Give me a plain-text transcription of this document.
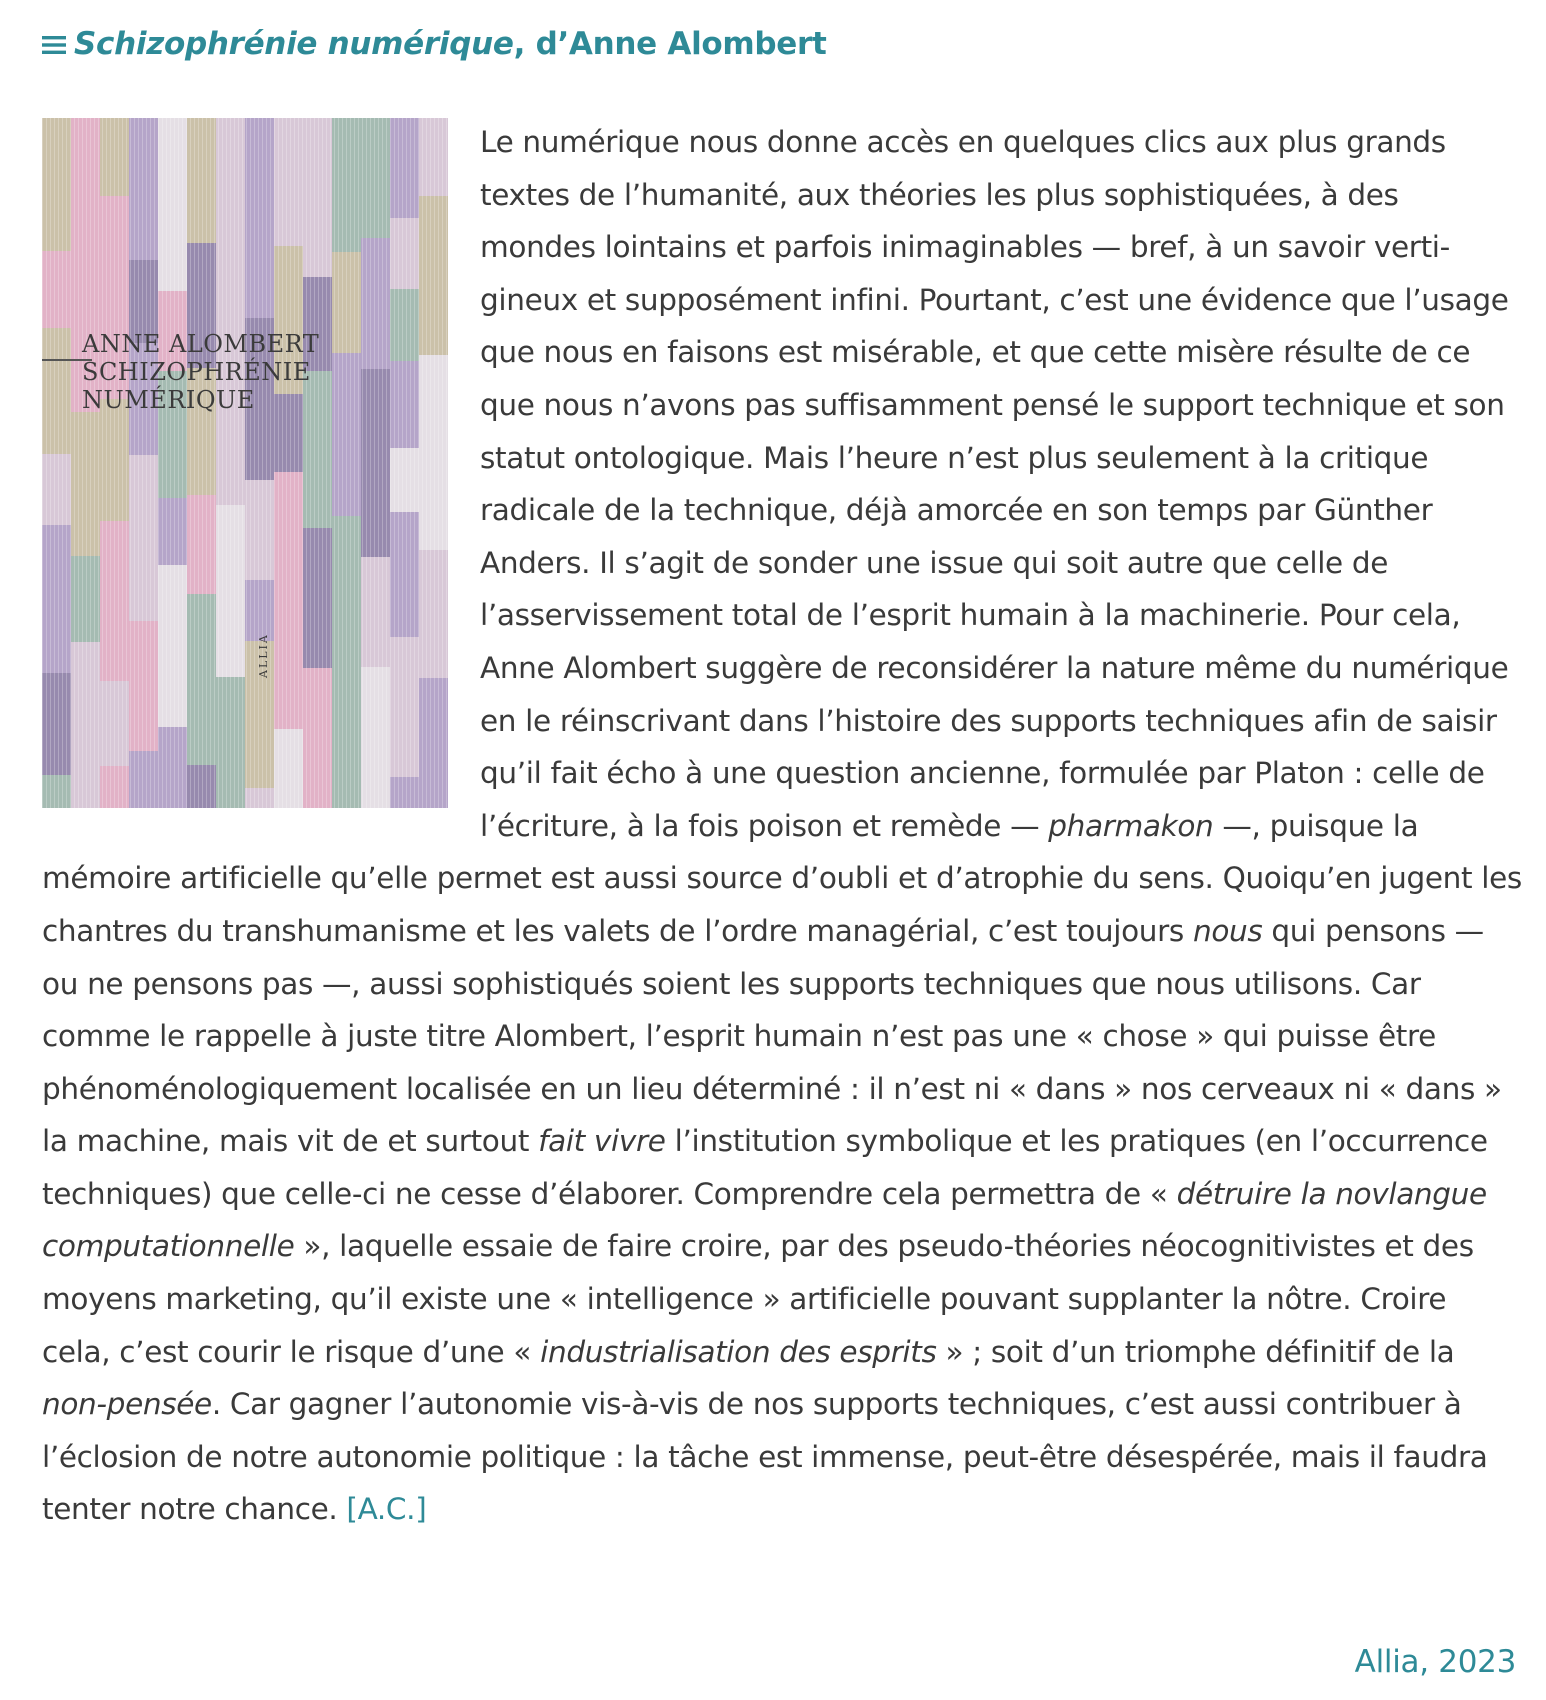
Schizophrénie numérique, d’Anne Alombert
ANNE ALOMBERT
SCHIZOPHRÉNIE
NUMÉRIQUE
ALLIA
Le numérique nous donne accès en quelques clics aux plus grands textes de l’humanité, aux théories les plus sophistiquées, à des mondes lointains et parfois inimaginables — bref, à un savoir vertigineux et supposément infini. Pourtant, c’est une évidence que l’usage que nous en faisons est misérable, et que cette misère résulte de ce que nous n’avons pas suffisamment pensé le support technique et son statut ontologique. Mais l’heure n’est plus seulement à la critique radicale de la technique, déjà amorcée en son temps par Günther Anders. Il s’agit de sonder une issue qui soit autre que celle de l’asservissement total de l’esprit humain à la machinerie. Pour cela, Anne Alombert suggère de reconsidérer la nature même du numérique en le réinscrivant dans l’histoire des supports techniques afin de saisir qu’il fait écho à une question ancienne, formulée par Platon : celle de l’écriture, à la fois poison et remède — pharmakon —, puisque la mémoire artificielle qu’elle permet est aussi source d’oubli et d’atrophie du sens. Quoiqu’en jugent les chantres du transhumanisme et les valets de l’ordre managérial, c’est toujours nous qui pensons — ou ne pensons pas —, aussi sophistiqués soient les supports techniques que nous utilisons. Car comme le rappelle à juste titre Alombert, l’esprit humain n’est pas une « chose » qui puisse être phénoménologiquement localisée en un lieu déterminé : il n’est ni « dans » nos cerveaux ni « dans » la machine, mais vit de et surtout fait vivre l’institution symbolique et les pratiques (en l’occurrence techniques) que celle-ci ne cesse d’élaborer. Comprendre cela permettra de « détruire la novlangue computationnelle », laquelle essaie de faire croire, par des pseudo-théories néocognitivistes et des moyens marketing, qu’il existe une « intelligence » artificielle pouvant supplanter la nôtre. Croire cela, c’est courir le risque d’une « industrialisation des esprits » ; soit d’un triomphe définitif de la non-pensée. Car gagner l’autonomie vis-à-vis de nos supports techniques, c’est aussi contribuer à l’éclosion de notre autonomie politique : la tâche est immense, peut-être désespérée, mais il faudra tenter notre chance. [A.C.]
Allia, 2023
